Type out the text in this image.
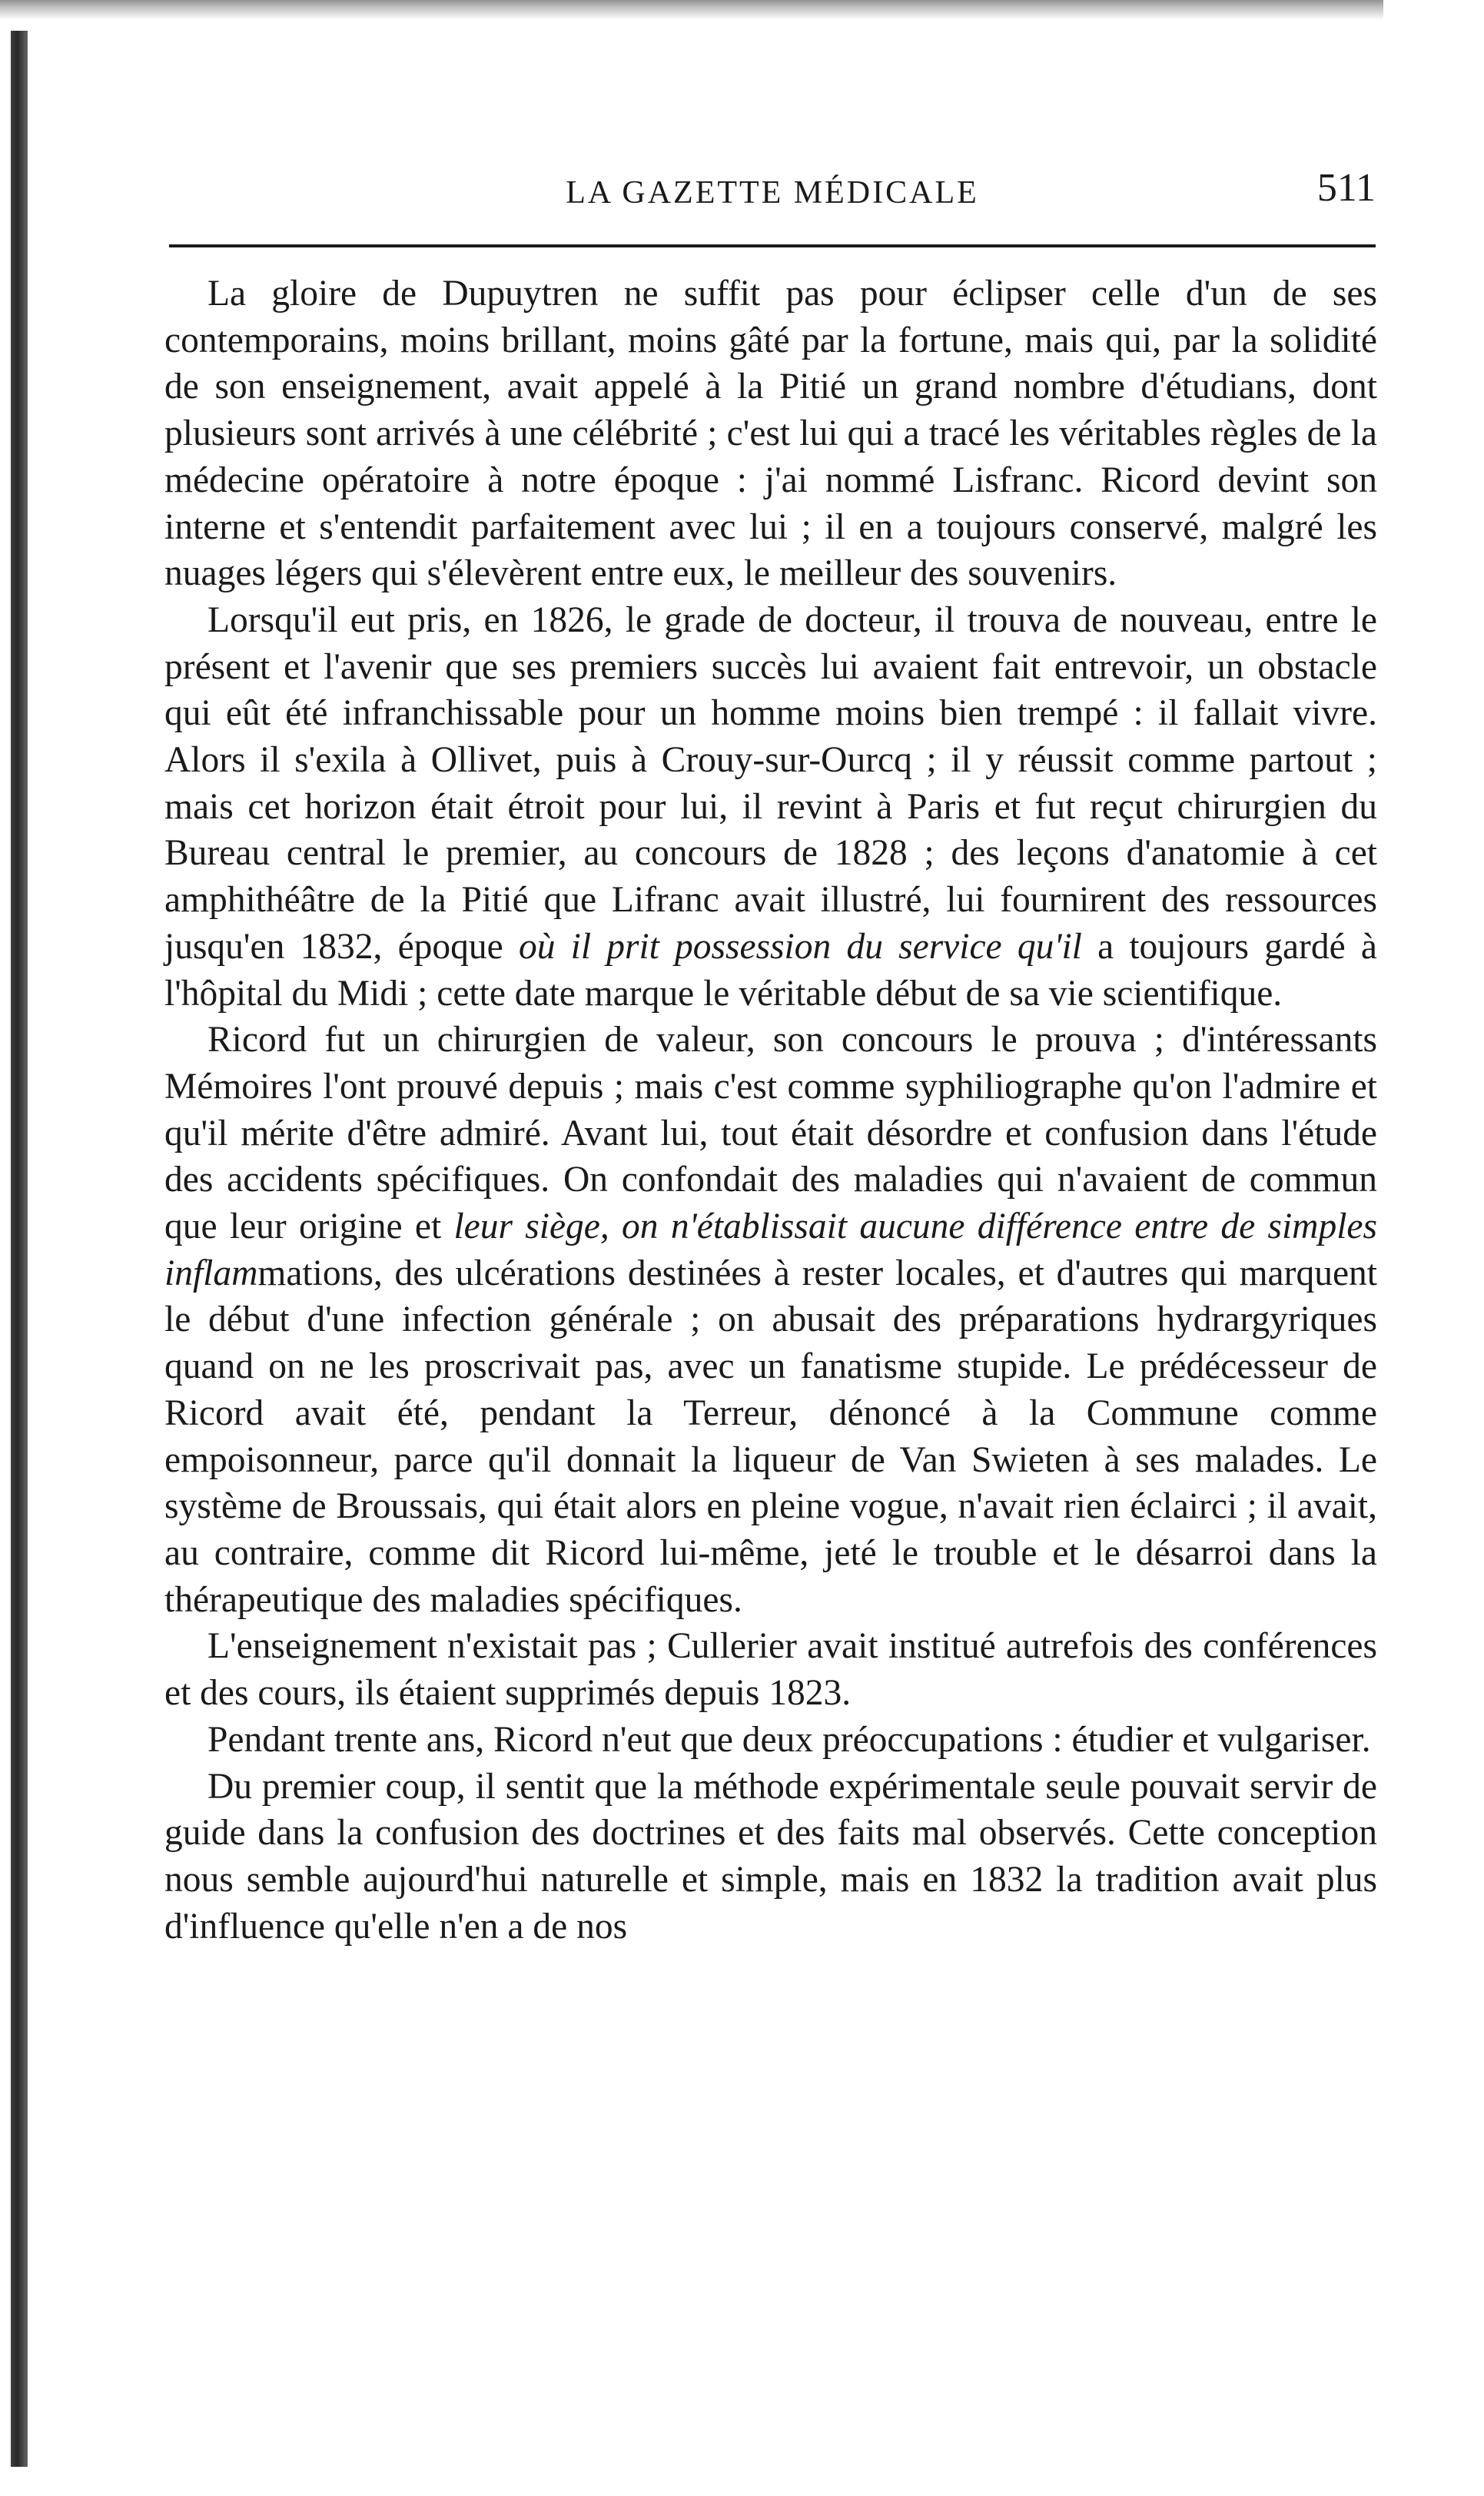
LA GAZETTE MÉDICALE	511

La gloire de Dupuytren ne suffit pas pour éclipser celle d'un de ses contemporains, moins brillant, moins gâté par la fortune, mais qui, par la solidité de son enseignement, avait appelé à la Pitié un grand nombre d'étudians, dont plusieurs sont arrivés à une célébrité ; c'est lui qui a tracé les véritables règles de la médecine opératoire à notre époque : j'ai nommé Lisfranc. Ricord devint son interne et s'entendit parfaitement avec lui ; il en a toujours conservé, malgré les nuages légers qui s'élevèrent entre eux, le meilleur des souvenirs.

Lorsqu'il eut pris, en 1826, le grade de docteur, il trouva de nouveau, entre le présent et l'avenir que ses premiers succès lui avaient fait entrevoir, un obstacle qui eût été infranchissable pour un homme moins bien trempé : il fallait vivre. Alors il s'exila à Ollivet, puis à Crouy-sur-Ourcq ; il y réussit comme partout ; mais cet horizon était étroit pour lui, il revint à Paris et fut reçut chirurgien du Bureau central le premier, au concours de 1828 ; des leçons d'anatomie à cet amphithéâtre de la Pitié que Lifranc avait illustré, lui fournirent des ressources jusqu'en 1832, époque où il prit possession du service qu'il a toujours gardé à l'hôpital du Midi ; cette date marque le véritable début de sa vie scientifique.

Ricord fut un chirurgien de valeur, son concours le prouva ; d'intéressants Mémoires l'ont prouvé depuis ; mais c'est comme syphiliographe qu'on l'admire et qu'il mérite d'être admiré. Avant lui, tout était désordre et confusion dans l'étude des accidents spécifiques. On confondait des maladies qui n'avaient de commun que leur origine et leur siège, on n'établissait aucune différence entre de simples inflammations, des ulcérations destinées à rester locales, et d'autres qui marquent le début d'une infection générale ; on abusait des préparations hydrargyriques quand on ne les proscrivait pas, avec un fanatisme stupide. Le prédécesseur de Ricord avait été, pendant la Terreur, dénoncé à la Commune comme empoisonneur, parce qu'il donnait la liqueur de Van Swieten à ses malades. Le système de Broussais, qui était alors en pleine vogue, n'avait rien éclairci ; il avait, au contraire, comme dit Ricord lui-même, jeté le trouble et le désarroi dans la thérapeutique des maladies spécifiques.

L'enseignement n'existait pas ; Cullerier avait institué autrefois des conférences et des cours, ils étaient supprimés depuis 1823.

Pendant trente ans, Ricord n'eut que deux préoccupations : étudier et vulgariser.

Du premier coup, il sentit que la méthode expérimentale seule pouvait servir de guide dans la confusion des doctrines et des faits mal observés. Cette conception nous semble aujourd'hui naturelle et simple, mais en 1832 la tradition avait plus d'influence qu'elle n'en a de nos
